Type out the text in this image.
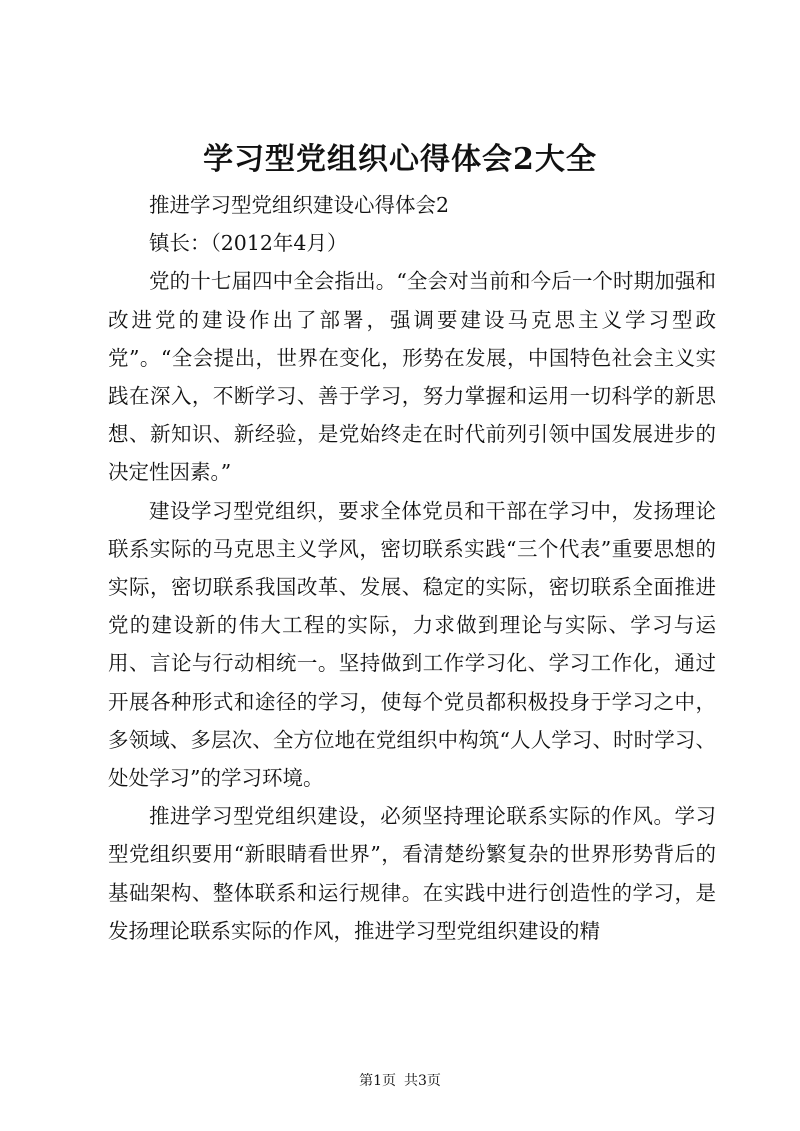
学习型党组织心得体会2大全

推进学习型党组织建设心得体会2

镇长：（2012年4月）

党的十七届四中全会指出。“全会对当前和今后一个时期加强和改进党的建设作出了部署，强调要建设马克思主义学习型政党”。“全会提出，世界在变化，形势在发展，中国特色社会主义实践在深入，不断学习、善于学习，努力掌握和运用一切科学的新思想、新知识、新经验，是党始终走在时代前列引领中国发展进步的决定性因素。”

建设学习型党组织，要求全体党员和干部在学习中，发扬理论联系实际的马克思主义学风，密切联系实践“三个代表”重要思想的实际，密切联系我国改革、发展、稳定的实际，密切联系全面推进党的建设新的伟大工程的实际，力求做到理论与实际、学习与运用、言论与行动相统一。坚持做到工作学习化、学习工作化，通过开展各种形式和途径的学习，使每个党员都积极投身于学习之中，多领域、多层次、全方位地在党组织中构筑“人人学习、时时学习、处处学习”的学习环境。

推进学习型党组织建设，必须坚持理论联系实际的作风。学习型党组织要用“新眼睛看世界”，看清楚纷繁复杂的世界形势背后的基础架构、整体联系和运行规律。在实践中进行创造性的学习，是发扬理论联系实际的作风，推进学习型党组织建设的精

第1页 共3页
